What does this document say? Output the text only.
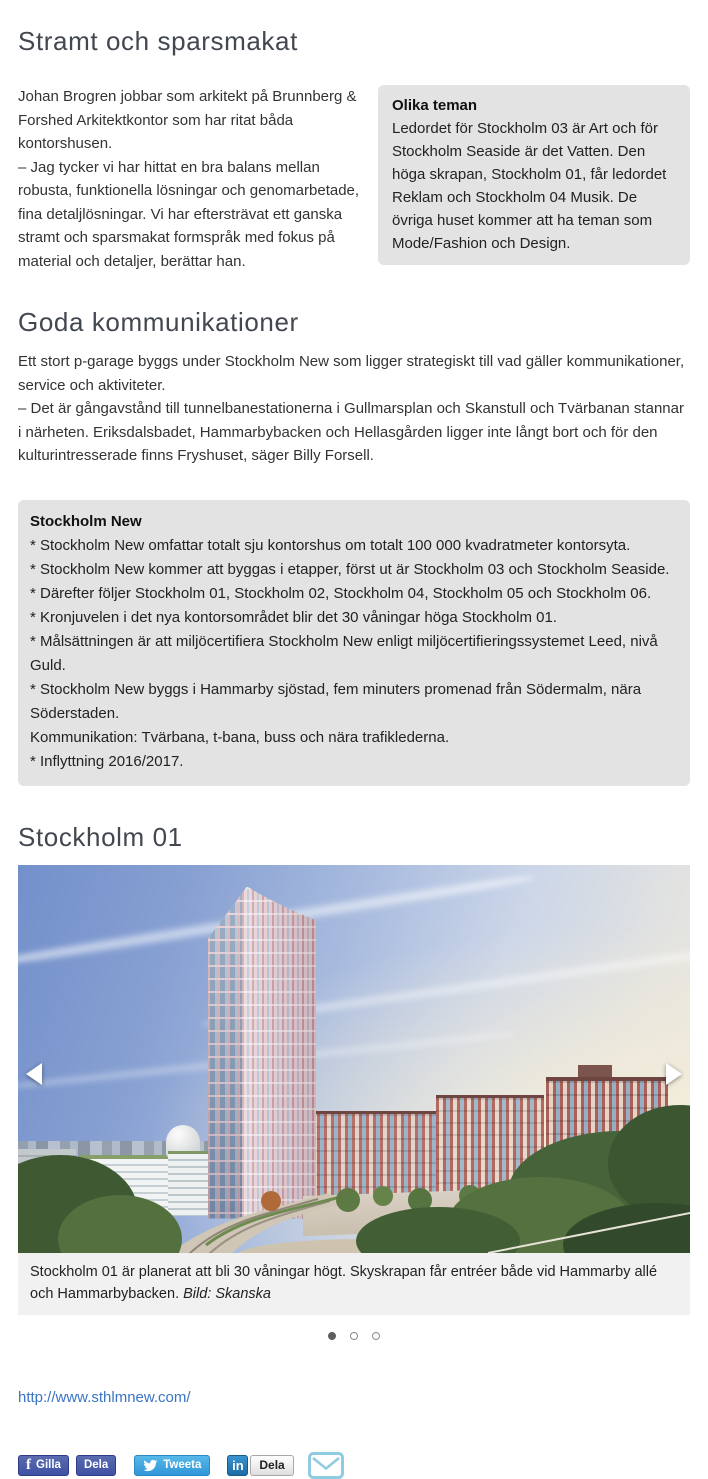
Stramt och sparsmakat

Johan Brogren jobbar som arkitekt på Brunnberg & Forshed Arkitektkontor som har ritat båda kontorshusen.

– Jag tycker vi har hittat en bra balans mellan robusta, funktionella lösningar och genomarbetade, fina detaljlösningar. Vi har eftersträvat ett ganska stramt och sparsmakat formspråk med fokus på material och detaljer, berättar han.

Olika teman
Ledordet för Stockholm 03 är Art och för Stockholm Seaside är det Vatten. Den höga skrapan, Stockholm 01, får ledordet Reklam och Stockholm 04 Musik. De övriga huset kommer att ha teman som Mode/Fashion och Design.
Goda kommunikationer

Ett stort p-garage byggs under Stockholm New som ligger strategiskt till vad gäller kommunikationer, service och aktiviteter.

– Det är gångavstånd till tunnelbanestationerna i Gullmarsplan och Skanstull och Tvärbanan stannar i närheten. Eriksdalsbadet, Hammarbybacken och Hellasgården ligger inte långt bort och för den kulturintresserade finns Fryshuset, säger Billy Forsell.

Stockholm New

* Stockholm New omfattar totalt sju kontorshus om totalt 100 000 kvadratmeter kontorsyta.

* Stockholm New kommer att byggas i etapper, först ut är Stockholm 03 och Stockholm Seaside.

* Därefter följer Stockholm 01, Stockholm 02, Stockholm 04, Stockholm 05 och Stockholm 06.

* Kronjuvelen i det nya kontorsområdet blir det 30 våningar höga Stockholm 01.

* Målsättningen är att miljöcertifiera Stockholm New enligt miljöcertifieringssystemet Leed, nivå Guld.

* Stockholm New byggs i Hammarby sjöstad, fem minuters promenad från Södermalm, nära Söderstaden.

Kommunikation: Tvärbana, t-bana, buss och nära trafiklederna.

* Inflyttning 2016/2017.

Stockholm 01
Stockholm 01 är planerat att bli 30 våningar högt. Skyskrapan får entréer både vid Hammarby allé och Hammarbybacken. Bild: Skanska

http://www.sthlmnew.com/
f Gilla Dela	Tweeta in Dela
